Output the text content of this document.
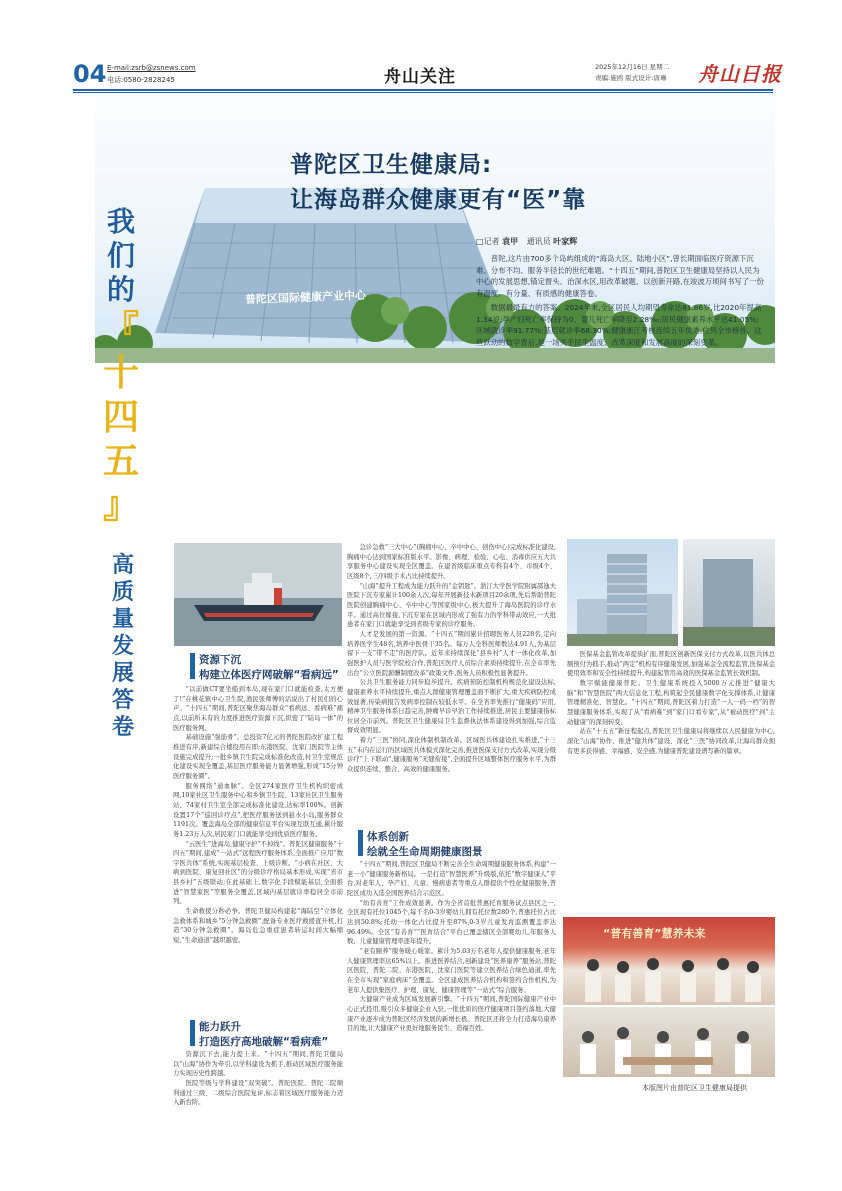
04 E-mail:zsrb@zsnews.com
电话:0580-2828245	舟山关注	2025年12月16日 星期二
责编:施鸥 版式设计:唐琳	舟山日报
普陀区国际健康产业中心
普陀区卫生健康局:
让海岛群众健康更有“医”靠
□记者 袁甲 通讯员 叶家辉

普陀,这片由700多个岛屿组成的“海岛大区、陆地小区”,曾长期面临医疗资源下沉难、分布不均、服务半径长的世纪难题。“十四五”期间,普陀区卫生健康局坚持以人民为中心的发展思想,锚定督头、治深水区,用改革破题、以创新开路,在竣波万顷间书写了一份有温度、有分量、有质感的健康答卷。

数据最最有力的答案。2024年末,全区居民人均期望寿命达81.86岁,比2020年提高1.34岁;孕产妇死亡率保持为0、婴儿死亡率降至2.28‰;居民健康素养水平达41.05%;区域就诊率91.77%;基层就诊率68.30%;健康浙江考核连续五年优秀,位列全市榜首。这些跃动的数字背后,是一场关乎民生温度、改革深度和发展高度的深刻变革。

我们的
『
十四五
』
高质量发展答卷
“普有善育”慧养未来
本版图片由普陀区卫生健康局提供
资源下沉
构建立体医疗网破解“看病远”
体系创新
绘就全生命周期健康图景
能力跃升
打造医疗高地破解“看病难”

“以前做CT要坐船到本岛,现在家门口就能检查,太方便了!”在桃花镇中心卫生院,渔民张师傅的话说出了村民们的心声。“十四五”期间,普陀区聚焦海岛群众“看病远、看病难”痛点,以前所未有的力度推进医疗资源下沉,织密了“陆岛一体”的医疗服务网。

基础设施“强筋骨”。总投资7亿元的普陀医院改扩建工程推进有序,新建综合楼投用在即;东港医院、沈家门医院等主体设施完成提升;一批乡镇卫生院完成标准化改造,村卫生室规范化建设实现全覆盖,基层医疗服务能力显著增强,形成“15分钟医疗服务圈”。

服务网络“通血脉”。全区274家医疗卫生机构织密成网,10家社区卫生服务中心和乡镇卫生院、13家社区卫生服务站、74家村卫生室全部完成标准化建设,达标率100%。创新设置17个“巡回诊疗点”,把医疗服务送到悬水小岛,服务群众1191次。覆盖海岛全部的健康信息平台实现互联互通,累计服务1.23万人次,居民家门口就能享受到优质医疗服务。

“云医生”进海岛,健康守护“不掉线”。普陀区健康服务“十四五”期间,建成“一站式”远程医疗服务体系,全面推广应用“数字医共体”系统,实现基层检查、上级诊断。“小病在社区、大病到医院、康复回社区”的分级诊疗格局基本形成,实现“省市县乡村”五级联动;在此基础上,数字化手段赋能基层,全面推进“智慧家医”等服务全覆盖,区域内基层就诊率稳居全市前列。

生命救援分秒必争。普陀卫健局构建起“海陆空”立体化急救体系和城乡“5分钟急救圈”,配备专业医疗救援直升机,打造“30分钟急救圈”。海岛危急重症患者转运时间大幅缩短,“生命通道”越织越密。

资源沉下去,能力提上来。“十四五”期间,普陀卫健局以“山海”协作为牵引,以学科建设为抓手,推动区域医疗服务能力实现历史性跨越。

医院等级与学科建设“双突破”。普陀医院、普陀二院顺利通过三级、二级综合医院复评,标志着区域医疗服务能力迈入新台阶。

急诊急救“三大中心”(胸痛中心、卒中中心、创伤中心)完成标准化建设,胸痛中心达到国家标准版水平。影像、病理、检验、心电、消毒供应五大共享服务中心建设实现全区覆盖。在建省级临床重点专科有4个、市级4个、区级8个,三/四级手术占比持续提升。

“山海”提升工程成为能力跃升的“金钥匙”。浙江大学医学院附属邵逸夫医院下沉专家累计100余人次,每年开展新技术新项目20余项,先后帮助普陀医院创建胸痛中心、卒中中心等国家级中心,极大提升了海岛医院的诊疗水平。通过高位嫁接,下沉专家在区域内形成了强有力的学科带动效应,一大批患者在家门口就能享受到省级专家的诊疗服务。

人才是发展的第一资源。“十四五”期间累计招聘医务人员228名,定向培养医学生48名,培养中医骨干35名。每万人全科医师数达4.91人,为基层留下一支“带不走”的医疗队。近年来持续深化“县乡村”人才一体化改革,加强医护人员与医学院校合作,普陀区医疗人员综合素质持续提升,在全市率先出台“公立医院薪酬制度改革”政策文件,医务人员积极性显著提升。

公共卫生服务能力同步稳步提升。疾病预防控制机构规范化建设达标,健康素养水平持续提升,重点人群健康管理覆盖面不断扩大,重大疾病防控成效显著,传染病报告发病率控制在较低水平。在全省率先推行“健康码”应用,精神卫生服务体系日趋完善,肿瘤早诊早治工作持续推进,居民主要健康指标位居全市前列。普陀区卫生健康局卫生监督执法体系建设得到加强,综合监督成效明显。

着力“三医”协同,深化体制机制改革。区域医共体建设扎实推进,“十三五”末内在运行的区域医共体模式深化完善,推进医保支付方式改革,实现分级诊疗“上下联动”,健康服务“无缝衔接”,全面提升区域整体医疗服务水平,为群众提供连续、整合、高效的健康服务。

“十四五”期间,普陀区卫健局不断完善全生命周期健康服务体系,构建“一老一小”健康服务新格局。一是打造“智慧医养”升级版,依托“数字健康人”平台,对老年人、孕产妇、儿童、慢病患者等重点人群提供个性化健康服务,普陀区成功入选全国医养结合示范区。

“幼有善育”工作成效显著。作为全省首批普惠托育服务试点县区之一,全区现有托位1045个,每千名0-3岁婴幼儿拥有托位数280个,普惠托位占比达到50.8%;托幼一体化占比提升至87%,0-3岁儿童发育监测覆盖率达96.49%。全区“有善育”“医育结合”平台已覆盖辖区全部婴幼儿,年服务人数、儿童健康管理率逐年提升。

“老有颐养”服务暖心暖家。累计为5.03万名老年人提供健康服务,老年人健康管理率达65%以上。推进医养结合,创新建设“医养康养”服务站,普陀区医院、普陀二院、东港医院、沈家门医院等建立医养结合绿色通道,率先在全市实现“家庭病床”全覆盖。全区建成医养结合机构和签约合作机构,为老年人提供集医疗、护理、康复、健康管理等“一站式”综合服务。

大健康产业成为区域发展新引擎。“十四五”期间,普陀国际健康产业中心正式投用,吸引众多健康企业入驻,一批优质的医疗健康项目签约落地,大健康产业逐步成为普陀区经济发展的新增长极。普陀区还将全力打造海岛康养目的地,让大健康产业更好地服务民生、造福百姓。

医保基金监管改革提质扩面,普陀区创新医保支付方式改革,以医共体总额预付为抓手,推动“两定”机构有序健康发展,加强基金全流程监管,医保基金使用效率和安全性持续提升,构建起管用高效的医保基金监管长效机制。

数字赋能健康普陀。卫生健康系统投入5000万元推进“健康大脑”和“智慧医院”两大信息化工程,构筑起全民健康数字化支撑体系,让健康管理精准化、智慧化。“十四五”期间,普陀区着力打造“一人一码一档”的智慧健康服务体系,实现了从“看病难”到“家门口看专家”,从“被动医疗”到“主动健康”的深刻转变。

站在“十五五”新征程起点,普陀区卫生健康局将继续以人民健康为中心,深化“山海”协作、推进“健共体”建设、深化“三医”协同改革,让海岛群众拥有更多获得感、幸福感、安全感,为健康普陀建设谱写新的篇章。
